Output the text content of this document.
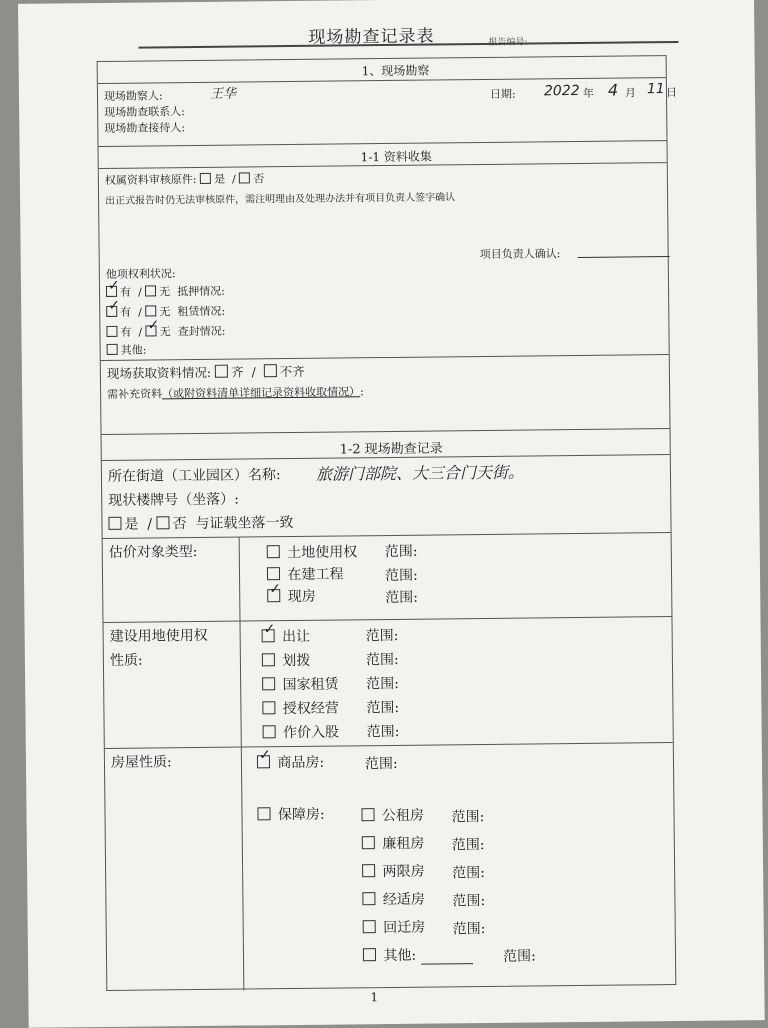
现场勘查记录表	报告编号:
1、现场勘察
现场勘察人:	王华
现场勘查联系人:
现场勘查接待人:
日期: 2022 年 4 月 11 日
1-1 资料收集
权属资料审核原件: 是  / 否
出正式报告时仍无法审核原件，需注明理由及处理办法并有项目负责人签字确认
项目负责人确认:
他项权利状况:
✓有  / 无 抵押情况:
✓有  / 无 租赁情况:
有  / ✓无 查封情况:
其他:
现场获取资料情况: 齐  /  不齐
需补充资料（或附资料清单详细记录资料收取情况）:
1-2 现场勘查记录
所在街道（工业园区）名称: 旅游门部院、大三合门天街。
现状楼牌号（坐落）:
是  / 否 与证载坐落一致
估价对象类型:	土地使用权 范围:
在建工程	范围:
✓ 现房	范围:
建设用地使用权
性质:
✓ 出让	范围:
划拨	范围:
国家租赁 范围:
授权经营 范围:
作价入股 范围:
房屋性质:
✓	商品房:	范围:
保障房:	公租房 范围:
廉租房 范围:
两限房 范围:
经适房 范围:
回迁房 范围:
其他:	范围:
1
